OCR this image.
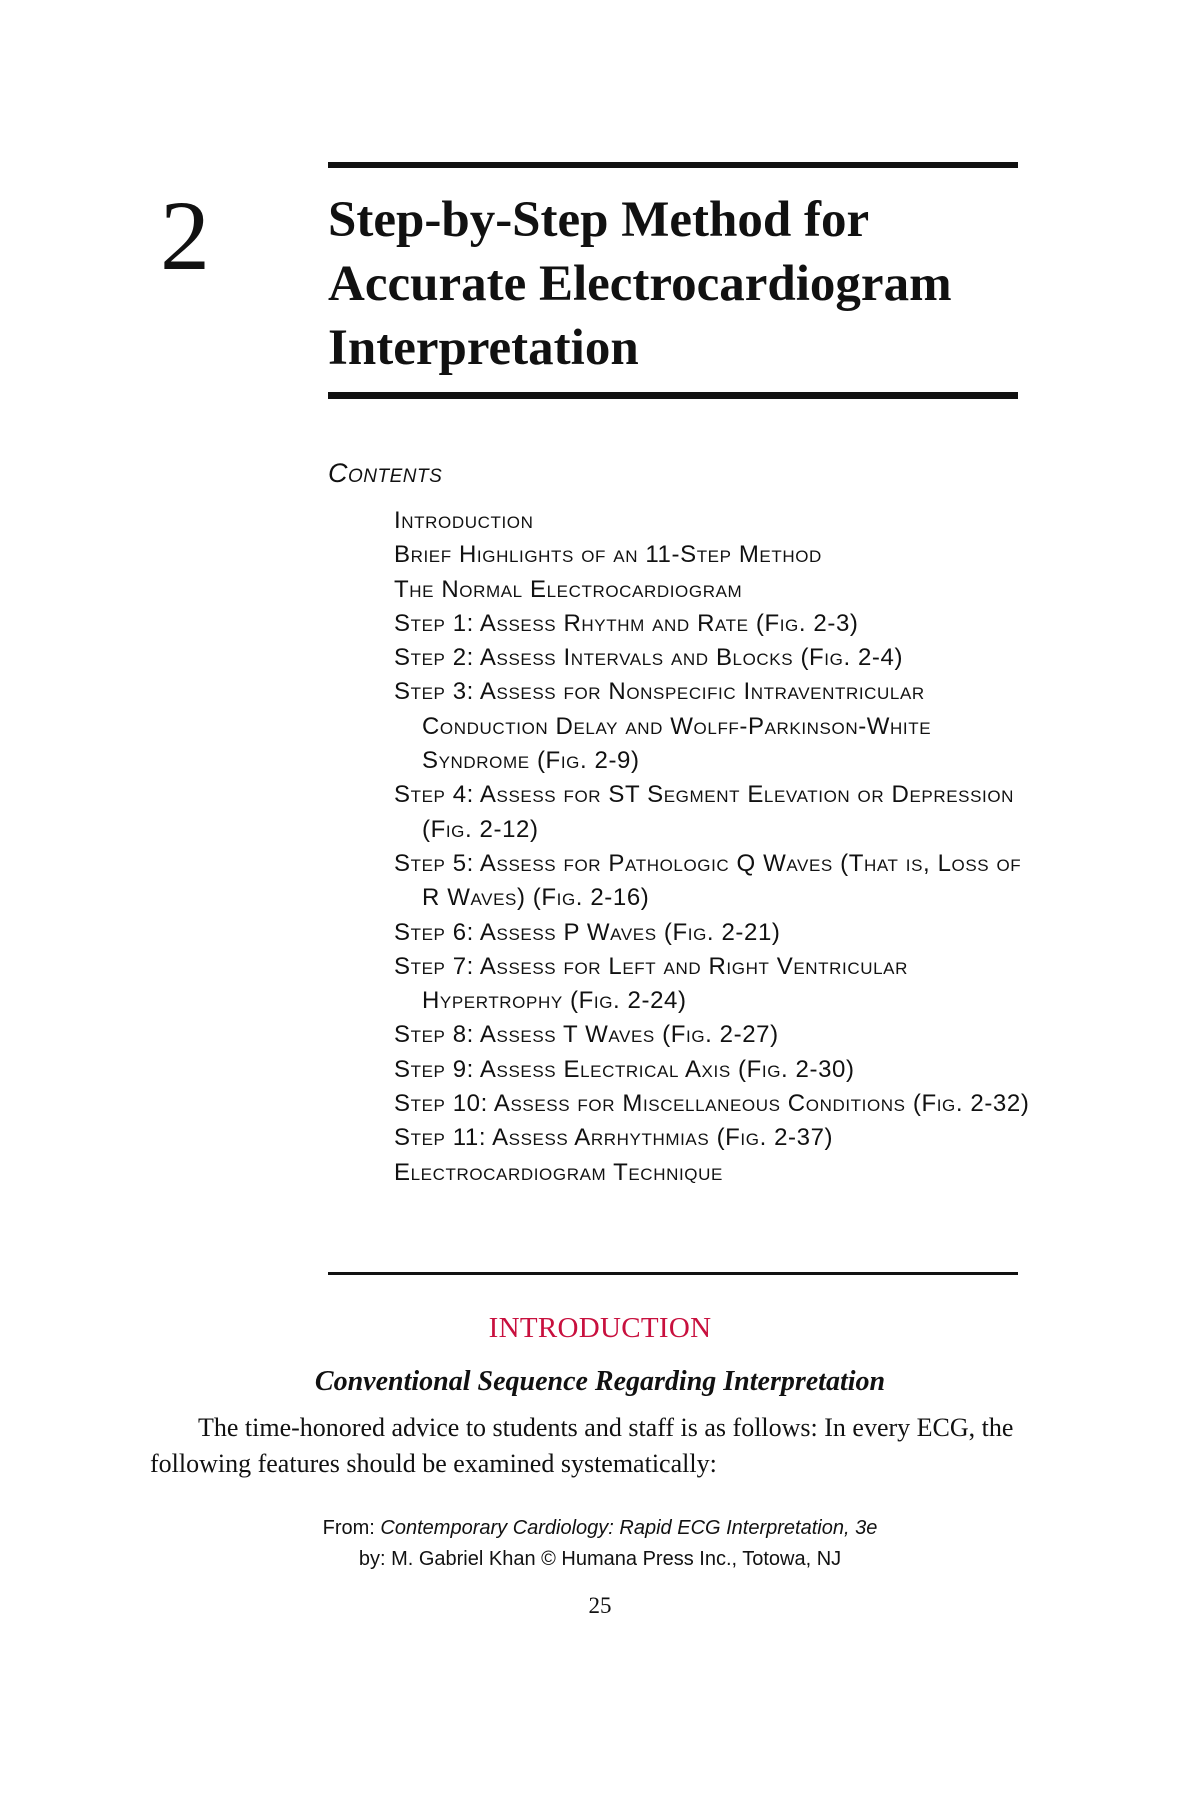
2 Step-by-Step Method for
Accurate Electrocardiogram
Interpretation
Contents
Introduction
Brief Highlights of an 11-Step Method
The Normal Electrocardiogram
Step 1: Assess Rhythm and Rate (Fig. 2-3)
Step 2: Assess Intervals and Blocks (Fig. 2-4)
Step 3: Assess for Nonspecific Intraventricular Conduction Delay and Wolff-Parkinson-White Syndrome (Fig. 2-9)
Step 4: Assess for ST Segment Elevation or Depression (Fig. 2-12)
Step 5: Assess for Pathologic Q Waves (That is, Loss of R Waves) (Fig. 2-16)
Step 6: Assess P Waves (Fig. 2-21)
Step 7: Assess for Left and Right Ventricular Hypertrophy (Fig. 2-24)
Step 8: Assess T Waves (Fig. 2-27)
Step 9: Assess Electrical Axis (Fig. 2-30)
Step 10: Assess for Miscellaneous Conditions (Fig. 2-32)
Step 11: Assess Arrhythmias (Fig. 2-37)
Electrocardiogram Technique
INTRODUCTION
Conventional Sequence Regarding Interpretation

The time-honored advice to students and staff is as follows: In every ECG, the following features should be examined systematically:

From: Contemporary Cardiology: Rapid ECG Interpretation, 3e
by: M. Gabriel Khan © Humana Press Inc., Totowa, NJ
25
